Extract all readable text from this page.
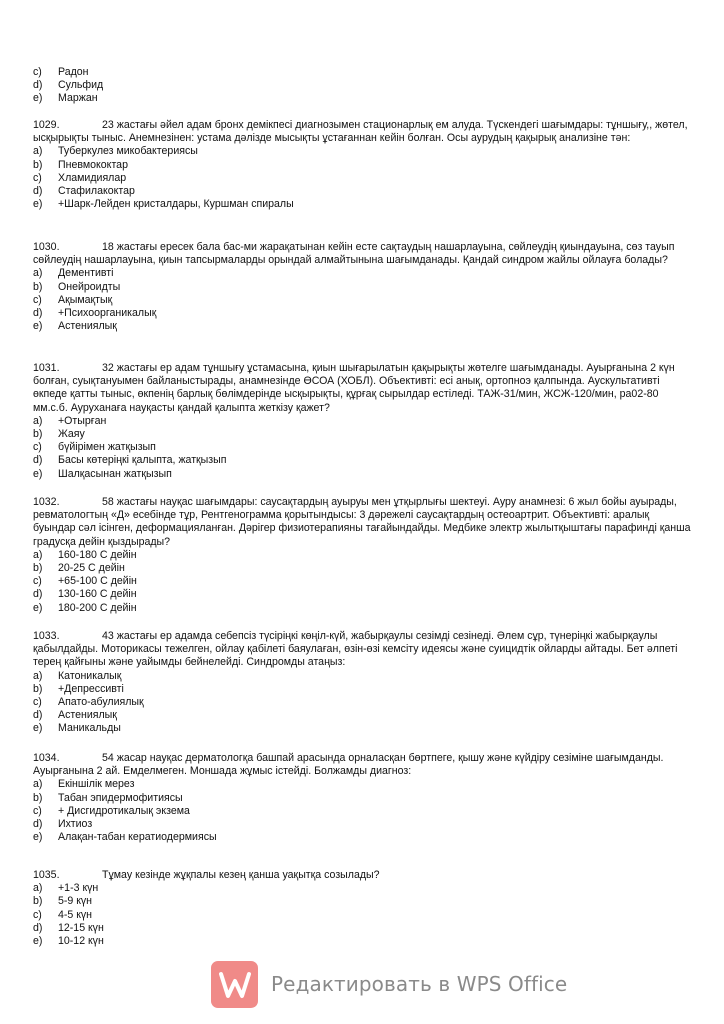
c)	Радон
d)	Сульфид
e)	Маржан

1029.	23 жастағы әйел адам бронх демікпесі диагнозымен стационарлық ем алуда. Түскендегі шағымдары: тұншығу,, жөтел, ысқырықты тыныс. Анемнезінен: устама дәлізде мысықты ұстағаннан кейін болған. Осы аурудың қақырық анализіне тән:

a)	Туберкулез микобактериясы
b)	Пневмококтар
c)	Хламидиялар
d)	Стафилакоктар
e)	+Шарк-Лейден кристалдары, Куршман спиралы

1030.	18 жастағы ересек бала бас-ми жарақатынан кейін есте сақтаудың нашарлауына, сөйлеудің қиындауына, сөз тауып сөйлеудің нашарлауына, қиын тапсырмаларды орындай алмайтынына шағымданады. Қандай синдром жайлы ойлауға болады?

a)	Дементивті
b)	Онейроидты
c)	Ақымақтық
d)	+Психоорганикалық
e)	Астениялық

1031.	32 жастағы ер адам тұншығу ұстамасына, қиын шығарылатын қақырықты жөтелге шағымданады. Ауырғанына 2 күн болған, суықтануымен байланыстырады, анамнезінде ӨСОА (ХОБЛ). Объективті: есі анық, ортопноэ қалпында. Аускультативті өкпеде қатты тыныс, өкпенің барлық бөлімдерінде ысқырықты, құрғақ сырылдар естіледі. ТАЖ-31/мин, ЖСЖ-120/мин, ра02-80 мм.с.б. Ауруханаға науқасты қандай қалыпта жеткізу қажет?

a)	+Отырған
b)	Жаяу
c)	бүйірімен жатқызып
d)	Басы көтеріңкі қалыпта, жатқызып
e)	Шалқасынан жатқызып

1032.	58 жастағы науқас шағымдары: саусақтардың ауыруы мен ұтқырлығы шектеуі. Ауру анамнезі: 6 жыл бойы ауырады, ревматологтың «Д» есебінде тұр, Рентгенограмма қорытындысы: 3 дәрежелі саусақтардың остеоартрит. Объективті: аралық буындар сәл ісінген, деформацияланған. Дәрігер физиотерапияны тағайындайды. Медбике электр жылытқыштағы парафинді қанша градусқа дейін қыздырады?

a)	160-180 С дейін
b)	20-25 С дейін
c)	+65-100 С дейін
d)	130-160 С дейін
e)	180-200 С дейін

1033.	43 жастағы ер адамда себепсіз түсіріңкі көңіл-күй, жабырқаулы сезімді сезінеді. Әлем сұр, түнеріңкі жабырқаулы қабылдайды. Моторикасы тежелген, ойлау қабілеті баяулаған, өзін-өзі кемсіту идеясы және суицидтік ойларды айтады. Бет әлпеті терең қайғыны және уайымды бейнелейді. Синдромды атаңыз:

a)	Катоникалық
b)	+Депрессивті
c)	Апато-абулиялық
d)	Астениялық
e)	Маникальды

1034.	54 жасар науқас дерматологқа башпай арасында орналасқан бөртпеге, қышу және күйдіру сезіміне шағымданды. Ауырғанына 2 ай. Емделмеген. Моншада жұмыс істейді. Болжамды диагноз:

a)	Екіншілік мерез
b)	Табан эпидермофитиясы
c)	+ Дисгидротикалық экзема
d)	Ихтиоз
e)	Алақан-табан кератиодермиясы

1035.	Тұмау кезінде жұқпалы кезең қанша уақытқа созылады?

a)	+1-3 күн
b)	5-9 күн
c)	4-5 күн
d)	12-15 күн
e)	10-12 күн
Редактировать в WPS Office
